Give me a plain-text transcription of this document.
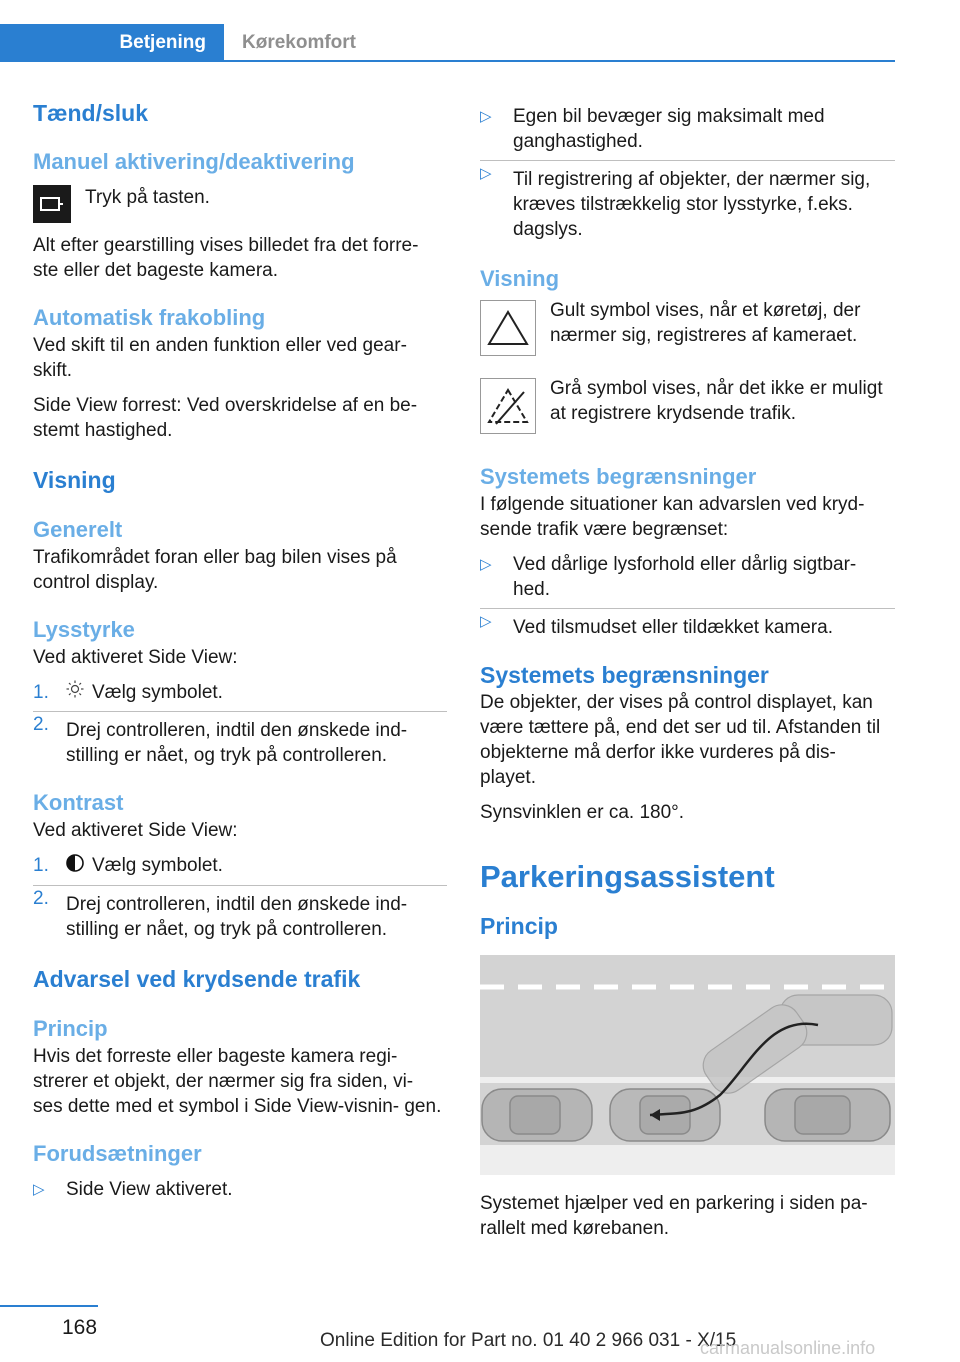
Betjening	Kørekomfort
Tænd/sluk
Manuel aktivering/deaktivering

Tryk på tasten.

Alt efter gearstilling vises billedet fra det forre- ste eller det bageste kamera.

Automatisk frakobling

Ved skift til en anden funktion eller ved gear- skift.

Side View forrest: Ved overskridelse af en be- stemt hastighed.

Visning
Generelt

Trafikområdet foran eller bag bilen vises på control display.

Lysstyrke

Ved aktiveret Side View:

1. Vælg symbolet.
2. Drej controlleren, indtil den ønskede ind- stilling er nået, og tryk på controlleren.
Kontrast

Ved aktiveret Side View:

1. Vælg symbolet.
2. Drej controlleren, indtil den ønskede ind- stilling er nået, og tryk på controlleren.
Advarsel ved krydsende trafik
Princip

Hvis det forreste eller bageste kamera regi- strerer et objekt, der nærmer sig fra siden, vi- ses dette med et symbol i Side View-visnin- gen.

Forudsætninger
▷ Side View aktiveret.
▷ Egen bil bevæger sig maksimalt med ganghastighed.
▷ Til registrering af objekter, der nærmer sig, kræves tilstrækkelig stor lysstyrke, f.eks. dagslys.
Visning

Gult symbol vises, når et køretøj, der nærmer sig, registreres af kameraet.

Grå symbol vises, når det ikke er muligt at registrere krydsende trafik.

Systemets begrænsninger

I følgende situationer kan advarslen ved kryd- sende trafik være begrænset:

▷ Ved dårlige lysforhold eller dårlig sigtbar- hed.
▷ Ved tilsmudset eller tildækket kamera.
Systemets begrænsninger

De objekter, der vises på control displayet, kan være tættere på, end det ser ud til. Afstanden til objekterne må derfor ikke vurderes på dis- playet.

Synsvinklen er ca. 180°.

Parkeringsassistent
Princip

Systemet hjælper ved en parkering i siden pa- rallelt med kørebanen.

168
Online Edition for Part no. 01 40 2 966 031 - X/15
carmanualsonline.info
